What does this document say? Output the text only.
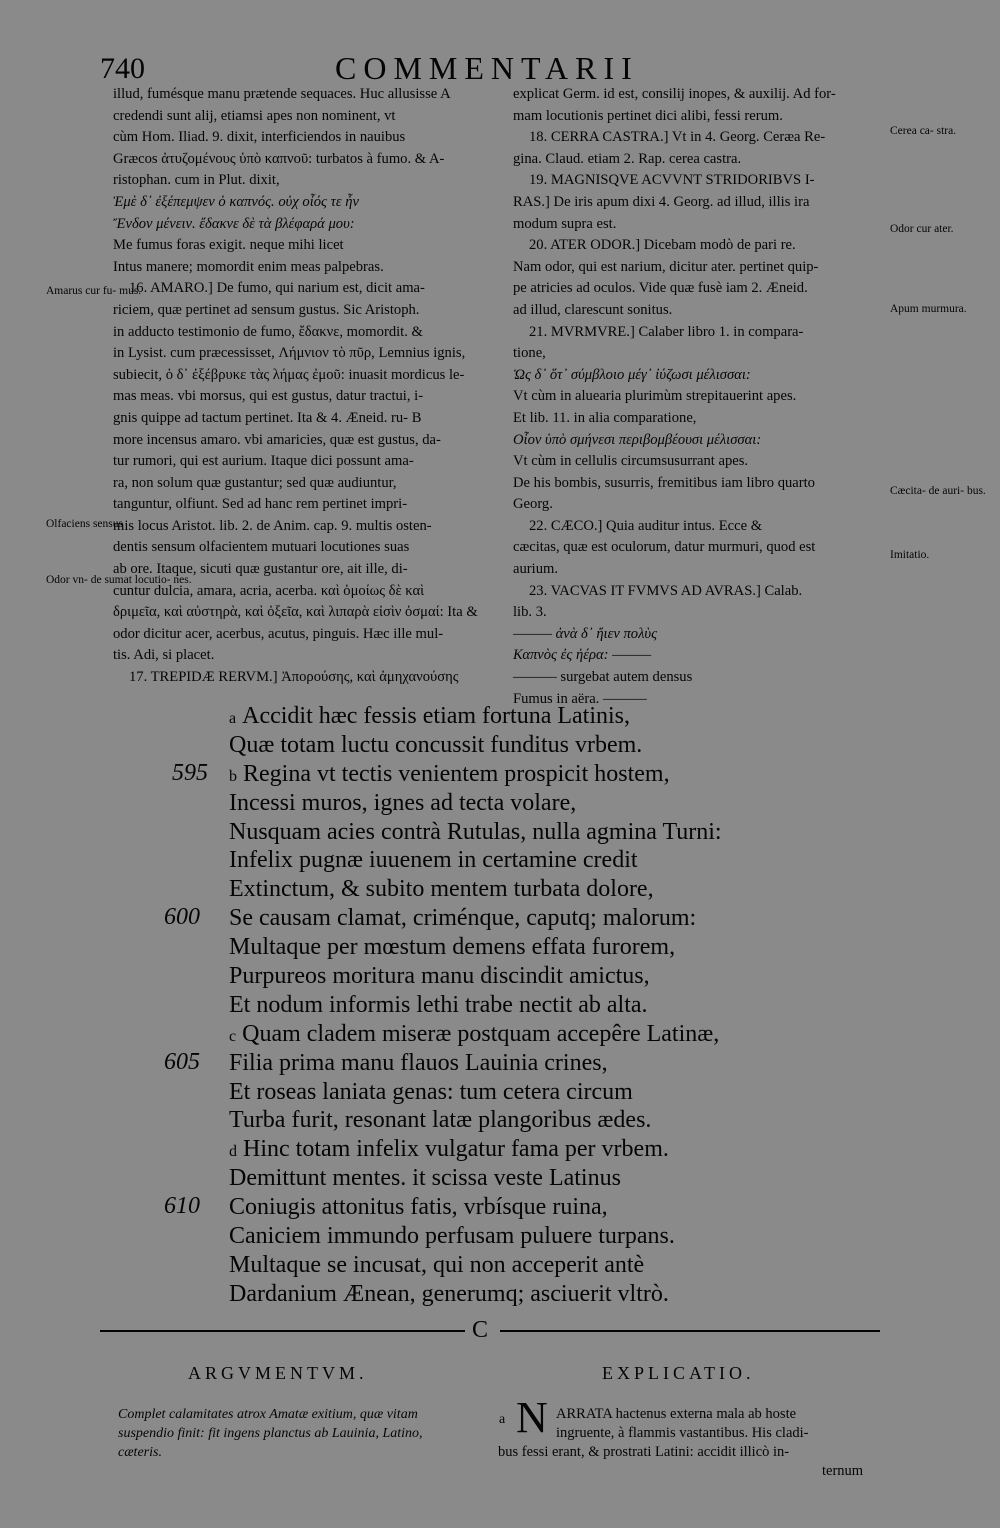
740	COMMENTARII
illud, fumésque manu prætende sequaces. Huc allusisse A
credendi sunt alij, etiamsi apes non nominent, vt
cùm Hom. Iliad. 9. dixit, interficiendos in nauibus
Græcos ἀτυζομένους ὑπὸ καπνοῦ: turbatos à fumo. & A-
ristophan. cum in Plut. dixit,
Ἐμὲ δ᾽ ἐξέπεμψεν ὁ καπνός. οὐχ οἷός τε ἦν
Ἔνδον μένειν. ἔδακνε δὲ τὰ βλέφαρά μου:
Me fumus foras exigit. neque mihi licet
Intus manere; momordit enim meas palpebras.
16. AMARO.] De fumo, qui narium est, dicit ama-
riciem, quæ pertinet ad sensum gustus. Sic Aristoph.
in adducto testimonio de fumo, ἔδακνε, momordit. &
in Lysist. cum præcessisset, Λήμνιον τὸ πῦρ, Lemnius ignis,
subiecit, ὁ δ᾽ ἐξέβρυκε τὰς λήμας ἐμοῦ: inuasit mordicus le-
mas meas. vbi morsus, qui est gustus, datur tractui, i-
gnis quippe ad tactum pertinet. Ita & 4. Æneid. ru- B
more incensus amaro. vbi amaricies, quæ est gustus, da-
tur rumori, qui est aurium. Itaque dici possunt ama-
ra, non solum quæ gustantur; sed quæ audiuntur,
tanguntur, olfiunt. Sed ad hanc rem pertinet impri-
mis locus Aristot. lib. 2. de Anim. cap. 9. multis osten-
dentis sensum olfacientem mutuari locutiones suas
ab ore. Itaque, sicuti quæ gustantur ore, ait ille, di-
cuntur dulcia, amara, acria, acerba. καὶ ὁμοίως δὲ καὶ
δριμεῖα, καὶ αὐστηρὰ, καὶ ὀξεῖα, καὶ λιπαρὰ εἰσὶν ὀσμαί: Ita &
odor dicitur acer, acerbus, acutus, pinguis. Hæc ille mul-
tis. Adi, si placet.
17. TREPIDÆ RERVM.] Ἀπορούσης, καὶ ἀμηχανούσης
explicat Germ. id est, consilij inopes, & auxilij. Ad for-
mam locutionis pertinet dici alibi, fessi rerum.
18. CERRA CASTRA.] Vt in 4. Georg. Ceræa Re-
gina. Claud. etiam 2. Rap. cerea castra.
19. MAGNISQVE ACVVNT STRIDORIBVS I-
RAS.] De iris apum dixi 4. Georg. ad illud, illis ira
modum supra est.
20. ATER ODOR.] Dicebam modò de pari re.
Nam odor, qui est narium, dicitur ater. pertinet quip-
pe atricies ad oculos. Vide quæ fusè iam 2. Æneid.
ad illud, clarescunt sonitus.
21. MVRMVRE.] Calaber libro 1. in compara-
tione,
Ὡς δ᾽ ὅτ᾽ σύμβλοιο μέγ᾽ ἰύζωσι μέλισσαι:
Vt cùm in aluearia plurimùm strepitauerint apes.
Et lib. 11. in alia comparatione,
Οἷον ὑπὸ σμήνεσι περιβομβέουσι μέλισσαι:
Vt cùm in cellulis circumsusurrant apes.
De his bombis, susurris, fremitibus iam libro quarto
Georg.
22. CÆCO.] Quia auditur intus. Ecce &
cæcitas, quæ est oculorum, datur murmuri, quod est
aurium.
23. VACVAS IT FVMVS AD AVRAS.] Calab.
lib. 3.
——— ἀνὰ δ᾽ ἤιεν πολὺς
Καπνὸς ἐς ἠέρα: ———
——— surgebat autem densus
Fumus in aëra. ———
Amarus cur fu- mus.
Olfaciens sensus
Odor vn- de sumat locutio- nes.
Cerea ca- stra.
Odor cur ater.
Apum murmura.
Cæcita- de auri- bus.
Imitatio.
595
600
605
610
a Accidit hæc fessis etiam fortuna Latinis,
Quæ totam luctu concussit funditus vrbem.
b Regina vt tectis venientem prospicit hostem,
Incessi muros, ignes ad tecta volare,
Nusquam acies contrà Rutulas, nulla agmina Turni:
Infelix pugnæ iuuenem in certamine credit
Extinctum, & subito mentem turbata dolore,
Se causam clamat, criménque, caputq; malorum:
Multaque per mœstum demens effata furorem,
Purpureos moritura manu discindit amictus,
Et nodum informis lethi trabe nectit ab alta.
c Quam cladem miseræ postquam accepêre Latinæ,
Filia prima manu flauos Lauinia crines,
Et roseas laniata genas: tum cetera circum
Turba furit, resonant latæ plangoribus ædes.
d Hinc totam infelix vulgatur fama per vrbem.
Demittunt mentes. it scissa veste Latinus
Coniugis attonitus fatis, vrbísque ruina,
Caniciem immundo perfusam puluere turpans.
Multaque se incusat, qui non acceperit antè
Dardanium Ænean, generumq; asciuerit vltrò.
C
ARGVMENTVM.
Complet calamitates atrox Amatæ exitium, quæ vitam
suspendio finit: fit ingens planctus ab Lauinia, Latino,
cæteris.
EXPLICATIO.
a N ARRATA hactenus externa mala ab hoste
ingruente, à flammis vastantibus. His cladi-
bus fessi erant, & prostrati Latini: accidit illicò in-
ternum
